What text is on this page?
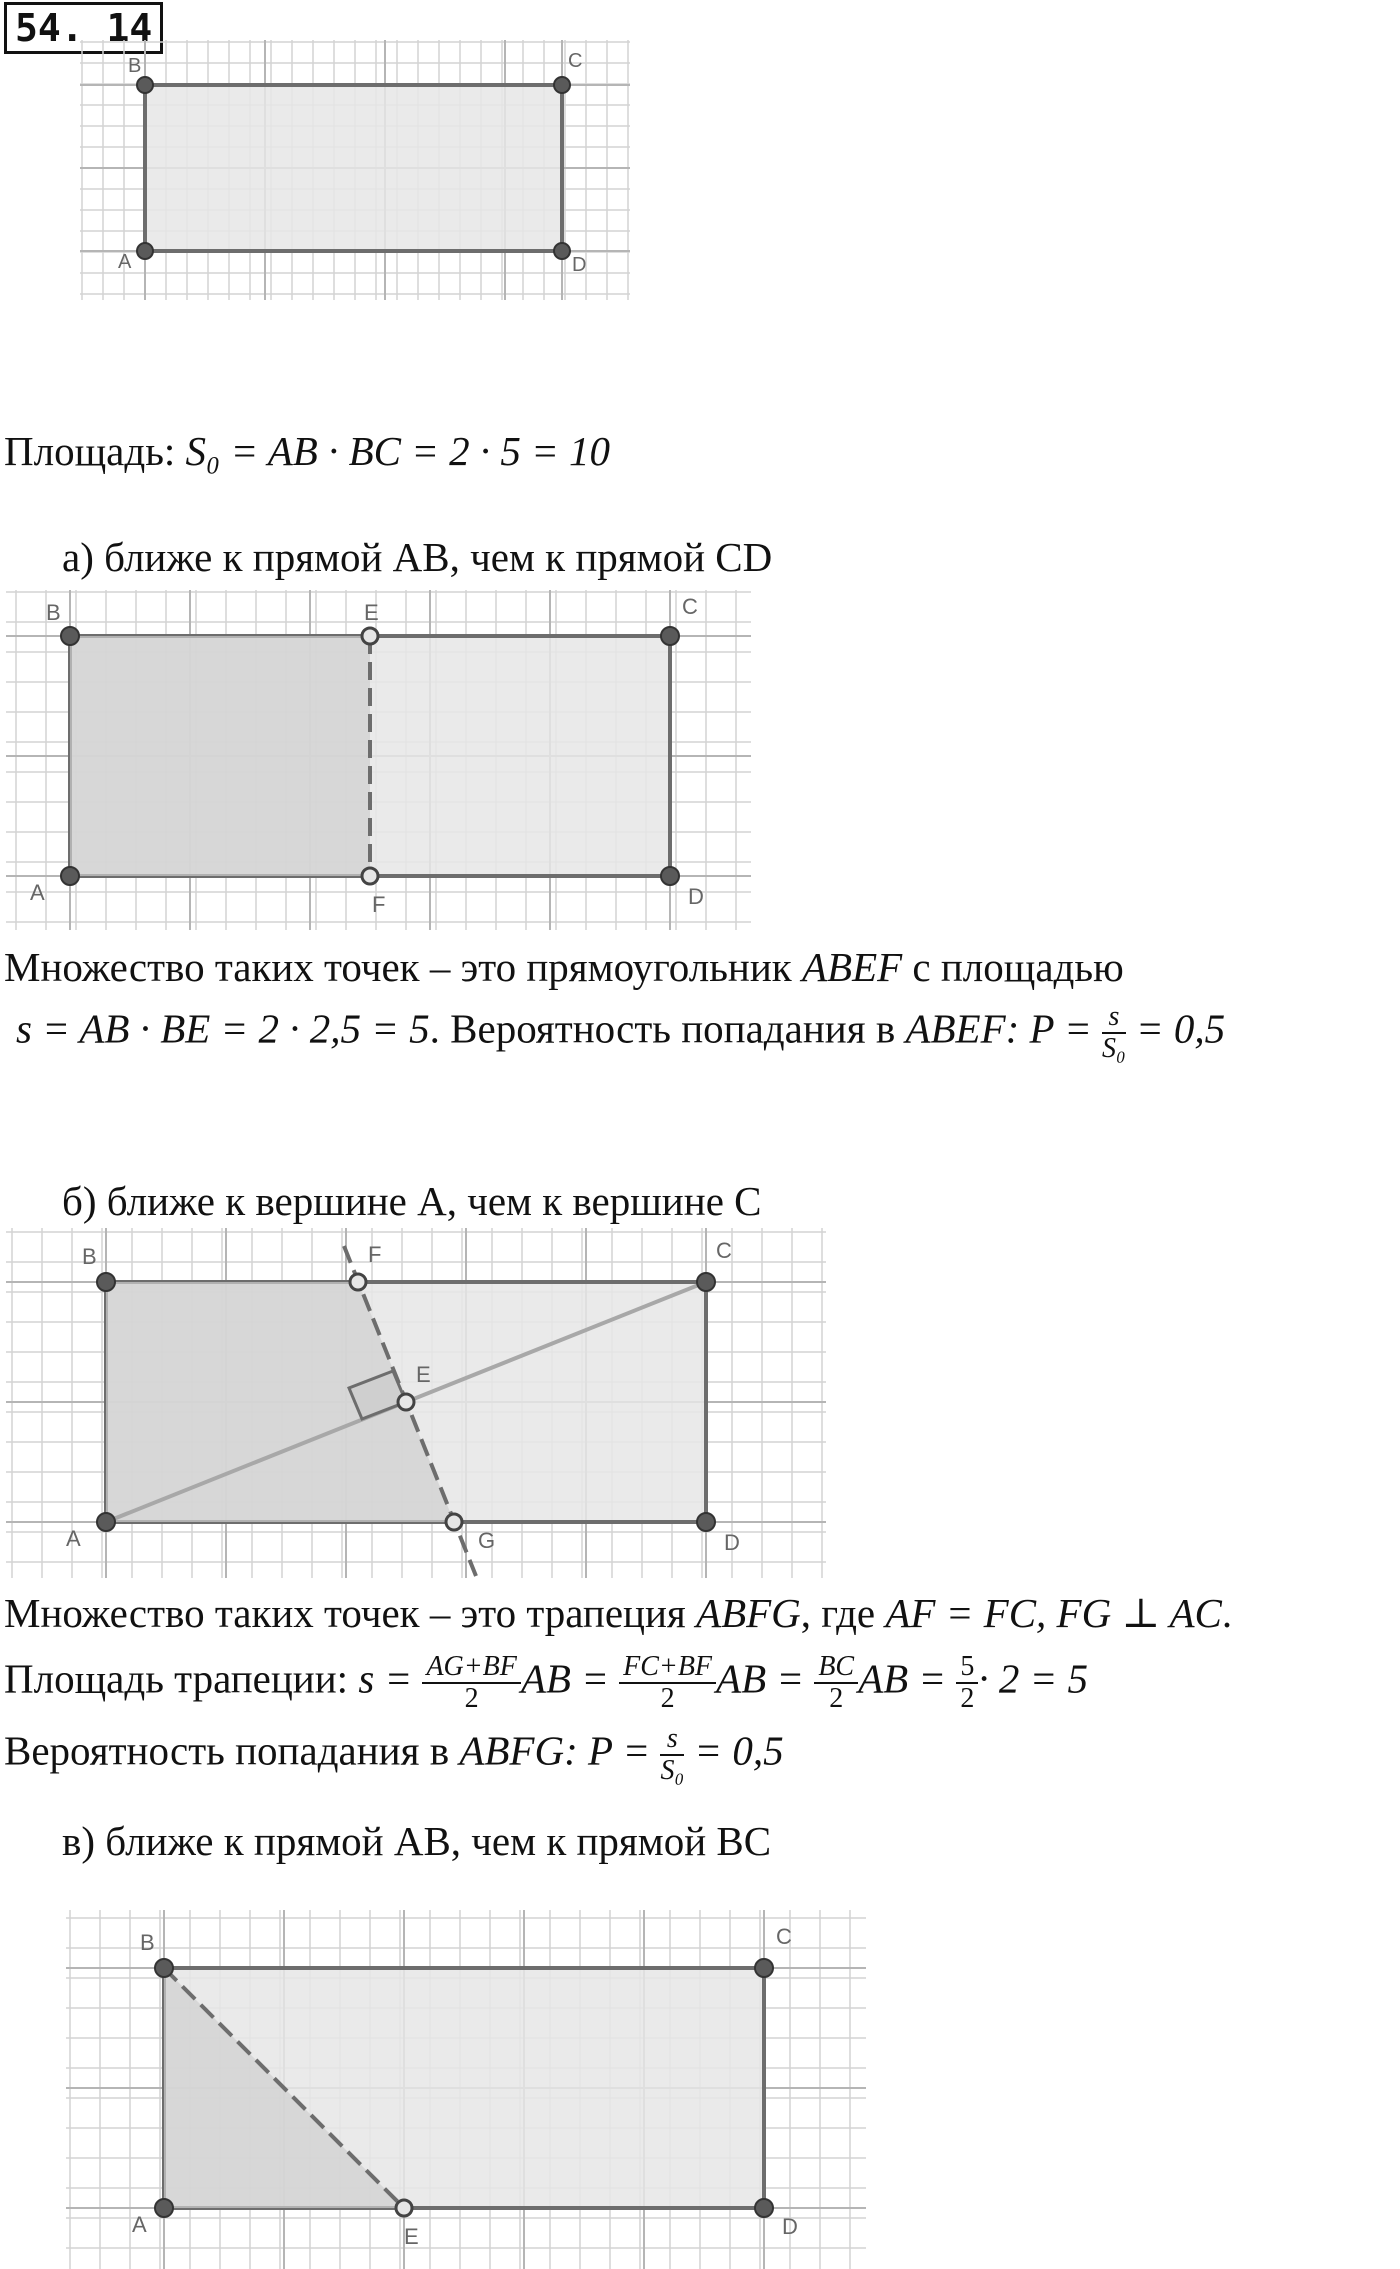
54. 14
A
B	C
D
Площадь: S₀ = AB · BC = 2 · 5 = 10
а) ближе к прямой AB, чем к прямой CD
A
B	C
D
E
F
Множество таких точек – это прямоугольник ABEF с площадью
s = AB · BE = 2 · 2,5 = 5. Вероятность попадания в ABEF: $P = \frac{s}{\text{S₀}} = 0,5$
б) ближе к вершине A, чем к вершине C
A
B	C
D
E
F
G
Множество таких точек – это трапеция ABFG, где AF = FC, FG ⊥ AC.
Площадь трапеции: $s = \frac{AG+BF}{2}$ AB = $\frac{FC+BF}{2}$ AB = $\frac{BC}{2}$ AB = $\frac{5}{2} \cdot 2 = 5$
Вероятность попадания в ABFG: $P = \frac{s}{\text{S₀}} = 0,5$
в) ближе к прямой AB, чем к прямой BC
A
B	C
D
E
